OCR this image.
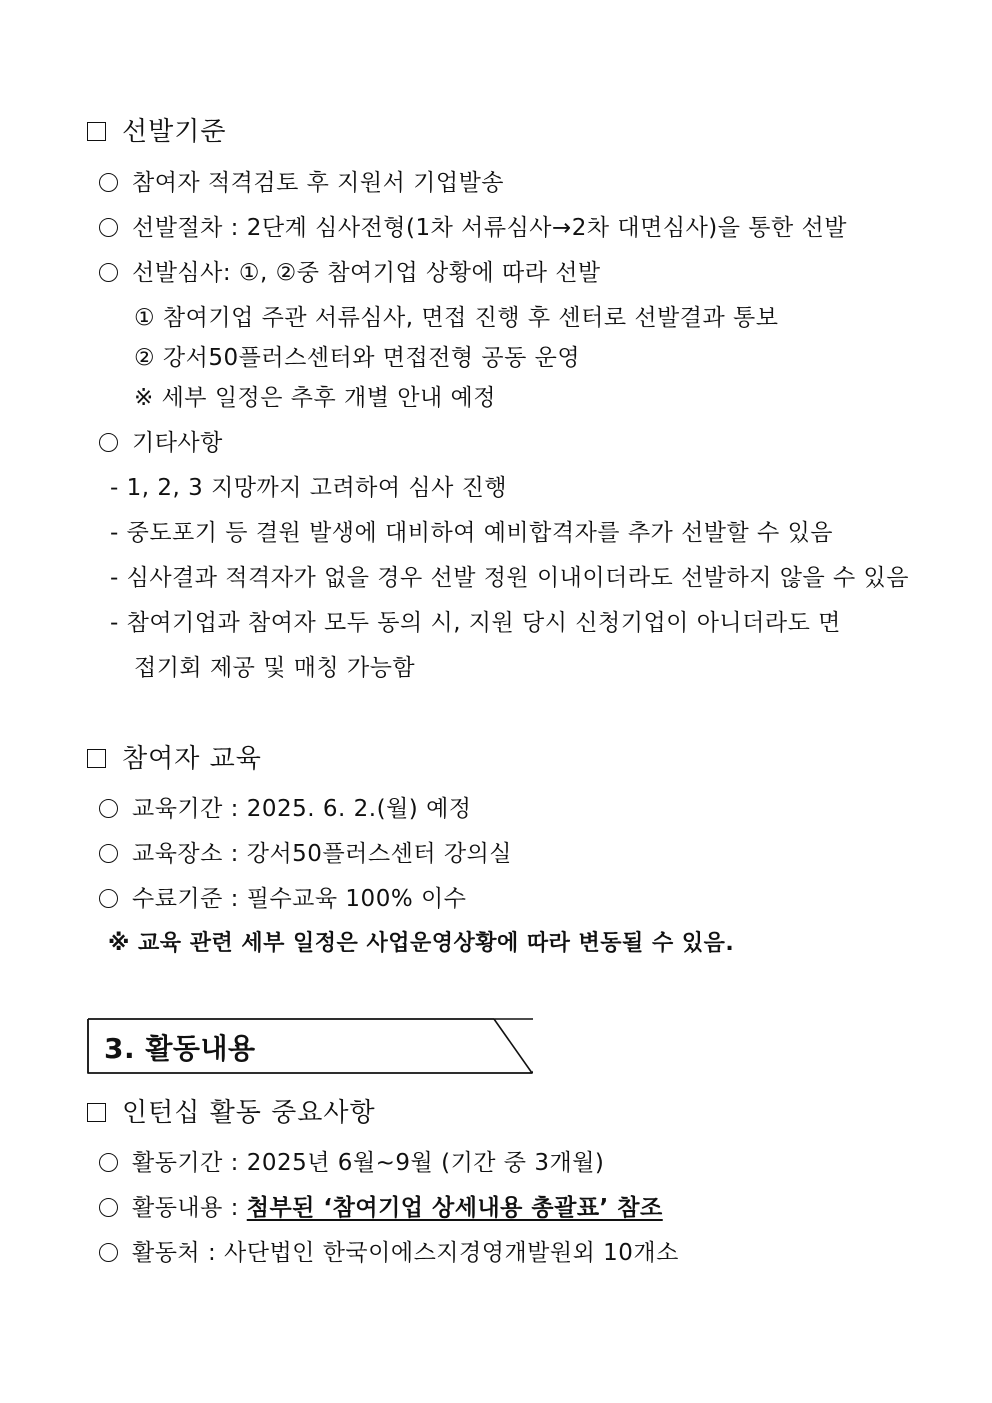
선발기준
참여자 적격검토 후 지원서 기업발송
선발절차 : 2단계 심사전형(1차 서류심사→2차 대면심사)을 통한 선발
선발심사: ①, ②중 참여기업 상황에 따라 선발
① 참여기업 주관 서류심사, 면접 진행 후 센터로 선발결과 통보
② 강서50플러스센터와 면접전형 공동 운영
※ 세부 일정은 추후 개별 안내 예정
기타사항
- 1, 2, 3 지망까지 고려하여 심사 진행
- 중도포기 등 결원 발생에 대비하여 예비합격자를 추가 선발할 수 있음
- 심사결과 적격자가 없을 경우 선발 정원 이내이더라도 선발하지 않을 수 있음
- 참여기업과 참여자 모두 동의 시, 지원 당시 신청기업이 아니더라도 면
접기회 제공 및 매칭 가능함
참여자 교육
교육기간 : 2025. 6. 2.(월) 예정
교육장소 : 강서50플러스센터 강의실
수료기준 : 필수교육 100% 이수
※ 교육 관련 세부 일정은 사업운영상황에 따라 변동될 수 있음.
3. 활동내용
인턴십 활동 중요사항
활동기간 : 2025년 6월~9월 (기간 중 3개월)
활동내용 : 첨부된 ‘참여기업 상세내용 총괄표’ 참조
활동처 : 사단법인 한국이에스지경영개발원외 10개소
